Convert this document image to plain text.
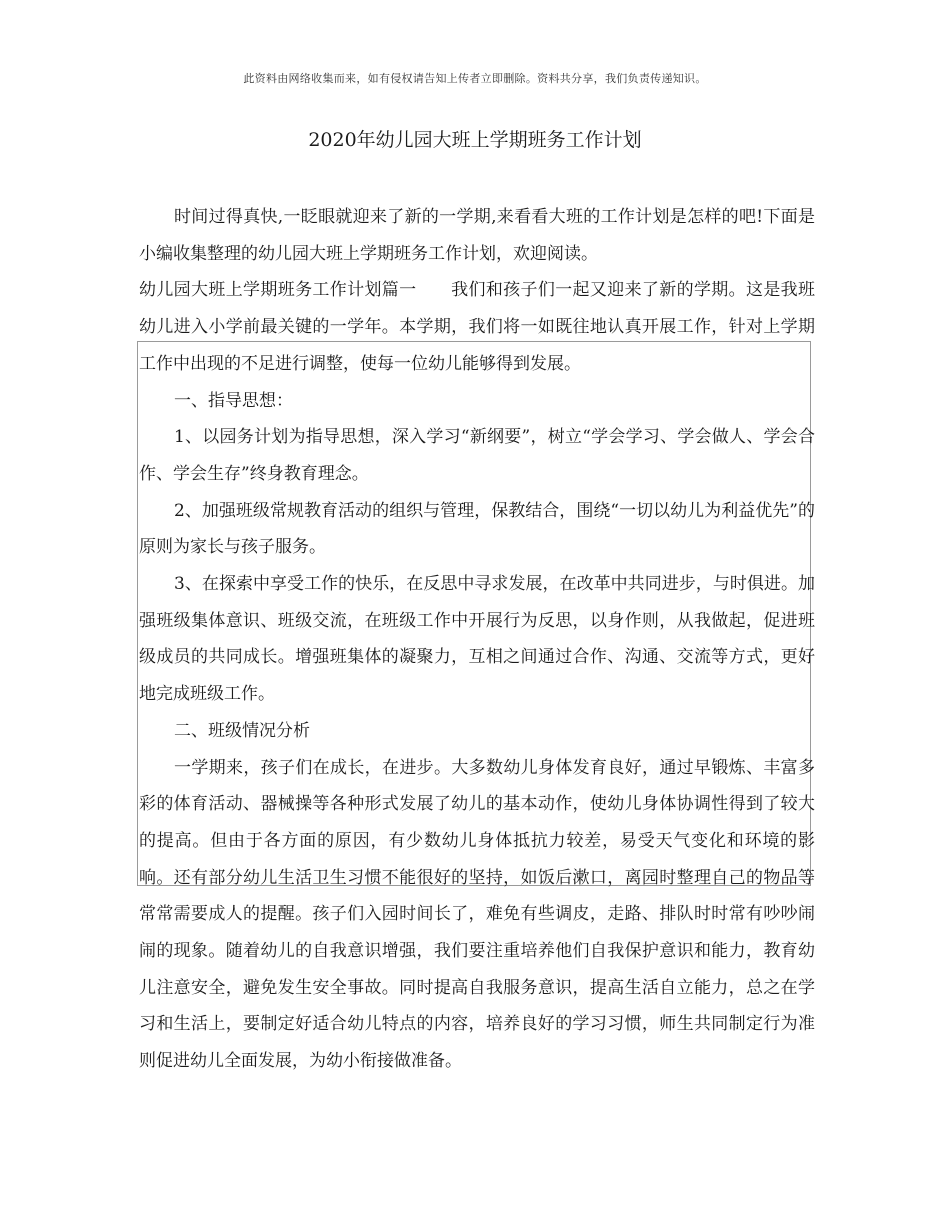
此资料由网络收集而来，如有侵权请告知上传者立即删除。资料共分享，我们负责传递知识。
2020年幼儿园大班上学期班务工作计划

时间过得真快,一眨眼就迎来了新的一学期,来看看大班的工作计划是怎样的吧!下面是小编收集整理的幼儿园大班上学期班务工作计划，欢迎阅读。

幼儿园大班上学期班务工作计划篇一　　我们和孩子们一起又迎来了新的学期。这是我班幼儿进入小学前最关键的一学年。本学期，我们将一如既往地认真开展工作，针对上学期工作中出现的不足进行调整，使每一位幼儿能够得到发展。

一、指导思想：

1、以园务计划为指导思想，深入学习“新纲要”，树立“学会学习、学会做人、学会合作、学会生存”终身教育理念。

2、加强班级常规教育活动的组织与管理，保教结合，围绕“一切以幼儿为利益优先”的原则为家长与孩子服务。

3、在探索中享受工作的快乐，在反思中寻求发展，在改革中共同进步，与时俱进。加强班级集体意识、班级交流，在班级工作中开展行为反思，以身作则，从我做起，促进班级成员的共同成长。增强班集体的凝聚力，互相之间通过合作、沟通、交流等方式，更好地完成班级工作。

二、班级情况分析

一学期来，孩子们在成长，在进步。大多数幼儿身体发育良好，通过早锻炼、丰富多彩的体育活动、器械操等各种形式发展了幼儿的基本动作，使幼儿身体协调性得到了较大的提高。但由于各方面的原因，有少数幼儿身体抵抗力较差，易受天气变化和环境的影响。还有部分幼儿生活卫生习惯不能很好的坚持，如饭后漱口，离园时整理自己的物品等常常需要成人的提醒。孩子们入园时间长了，难免有些调皮，走路、排队时时常有吵吵闹闹的现象。随着幼儿的自我意识增强，我们要注重培养他们自我保护意识和能力，教育幼儿注意安全，避免发生安全事故。同时提高自我服务意识，提高生活自立能力，总之在学习和生活上，要制定好适合幼儿特点的内容，培养良好的学习习惯，师生共同制定行为准则促进幼儿全面发展，为幼小衔接做准备。
